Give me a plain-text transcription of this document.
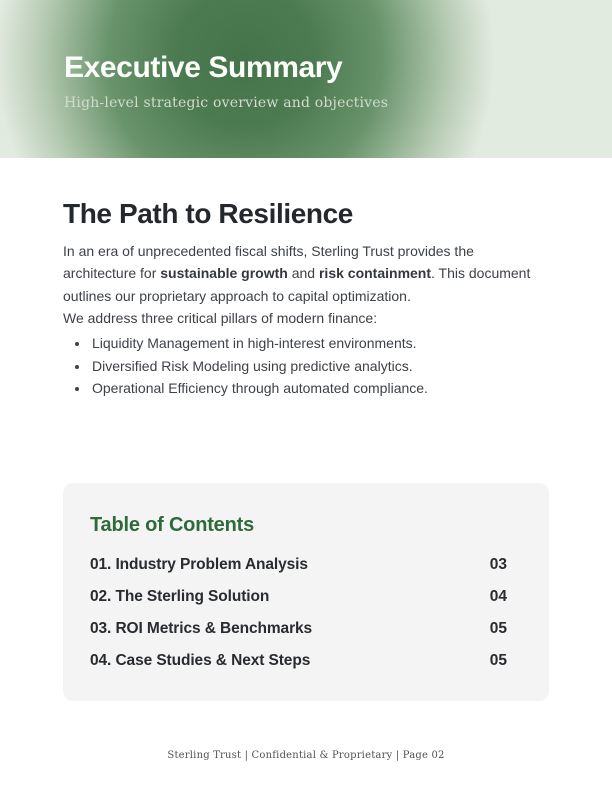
Executive Summary

High-level strategic overview and objectives

The Path to Resilience

In an era of unprecedented fiscal shifts, Sterling Trust provides the architecture for sustainable growth and risk containment. This document outlines our proprietary approach to capital optimization.

We address three critical pillars of modern finance:

• Liquidity Management in high-interest environments.
• Diversified Risk Modeling using predictive analytics.
• Operational Efficiency through automated compliance.
Table of Contents
01. Industry Problem Analysis	03
02. The Sterling Solution	04
03. ROI Metrics & Benchmarks	05
04. Case Studies & Next Steps	05

Sterling Trust | Confidential & Proprietary | Page 02
